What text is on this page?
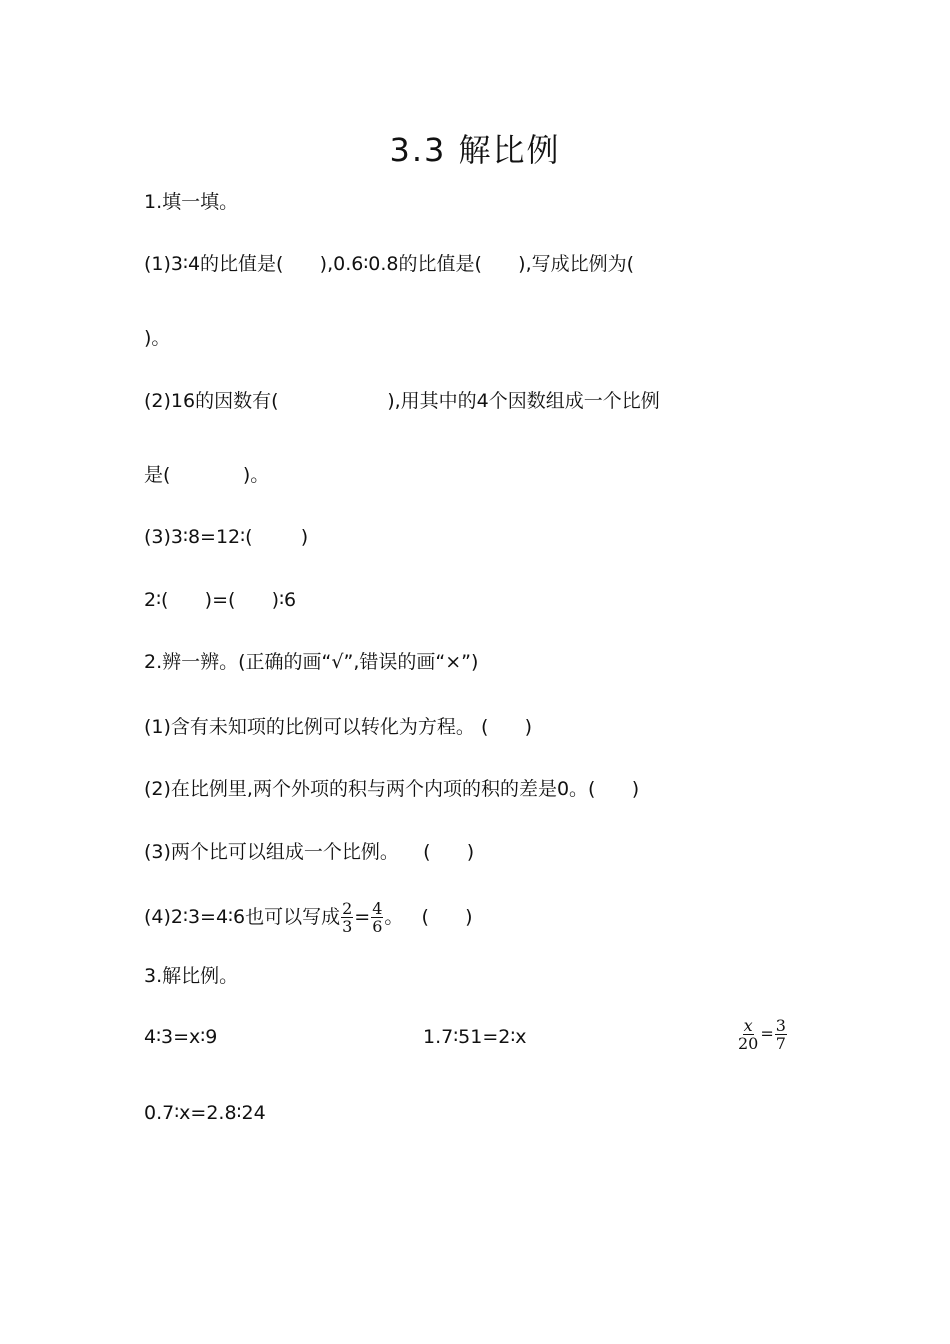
3.3 解比例
1.填一填。
(1)3∶4的比值是(      ),0.6∶0.8的比值是(      ),写成比例为(
)。
(2)16的因数有(                  ),用其中的4个因数组成一个比例
是(            )。
(3)3∶8=12∶(        )
2∶(      )=(      )∶6
2.辨一辨。(正确的画“√”,错误的画“×”)
(1)含有未知项的比例可以转化为方程。 (      )
(2)在比例里,两个外项的积与两个内项的积的差是0。(      )
(3)两个比可以组成一个比例。    (      )
(4)2∶3=4∶6也可以写成 $\frac{2}{3} = \frac{4}{6}$ 。   (      )
3.解比例。
4∶3=x∶9	1.7∶51=2∶x	$\frac{x}{20} = \frac{3}{7}$
0.7∶x=2.8∶24
